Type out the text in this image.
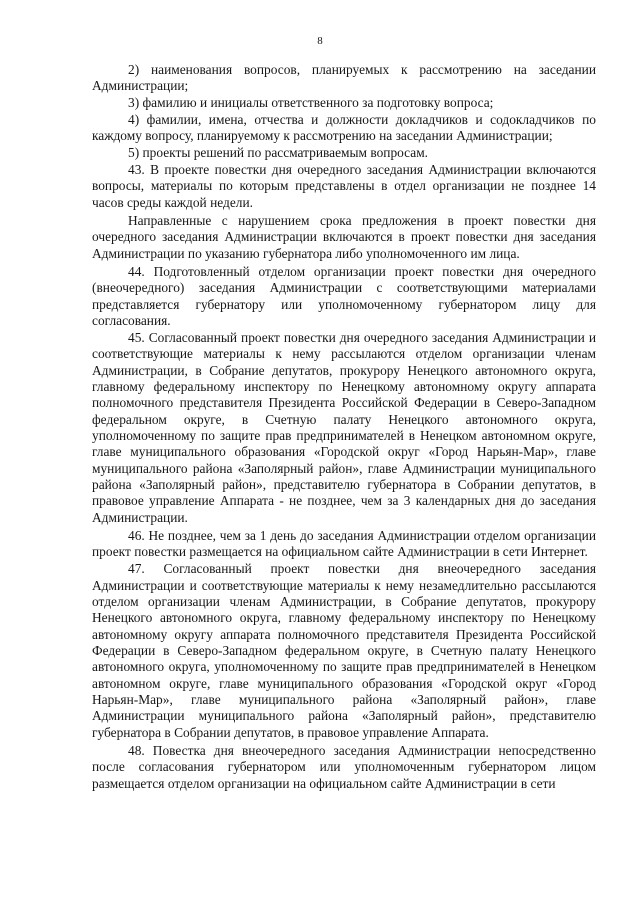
8

2) наименования вопросов, планируемых к рассмотрению на заседании Администрации;

3) фамилию и инициалы ответственного за подготовку вопроса;

4) фамилии, имена, отчества и должности докладчиков и содокладчиков по каждому вопросу, планируемому к рассмотрению на заседании Администрации;

5) проекты решений по рассматриваемым вопросам.

43. В проекте повестки дня очередного заседания Администрации включаются вопросы, материалы по которым представлены в отдел организации не позднее 14 часов среды каждой недели.

Направленные с нарушением срока предложения в проект повестки дня очередного заседания Администрации включаются в проект повестки дня заседания Администрации по указанию губернатора либо уполномоченного им лица.

44. Подготовленный отделом организации проект повестки дня очередного (внеочередного) заседания Администрации с соответствующими материалами представляется губернатору или уполномоченному губернатором лицу для согласования.

45. Согласованный проект повестки дня очередного заседания Администрации и соответствующие материалы к нему рассылаются отделом организации членам Администрации, в Собрание депутатов, прокурору Ненецкого автономного округа, главному федеральному инспектору по Ненецкому автономному округу аппарата полномочного представителя Президента Российской Федерации в Северо-Западном федеральном округе, в Счетную палату Ненецкого автономного округа, уполномоченному по защите прав предпринимателей в Ненецком автономном округе, главе муниципального образования «Городской округ «Город Нарьян-Мар», главе муниципального района «Заполярный район», главе Администрации муниципального района «Заполярный район», представителю губернатора в Собрании депутатов, в правовое управление Аппарата - не позднее, чем за 3 календарных дня до заседания Администрации.

46. Не позднее, чем за 1 день до заседания Администрации отделом организации проект повестки размещается на официальном сайте Администрации в сети Интернет.

47. Согласованный проект повестки дня внеочередного заседания Администрации и соответствующие материалы к нему незамедлительно рассылаются отделом организации членам Администрации, в Собрание депутатов, прокурору Ненецкого автономного округа, главному федеральному инспектору по Ненецкому автономному округу аппарата полномочного представителя Президента Российской Федерации в Северо-Западном федеральном округе, в Счетную палату Ненецкого автономного округа, уполномоченному по защите прав предпринимателей в Ненецком автономном округе, главе муниципального образования «Городской округ «Город Нарьян-Мар», главе муниципального района «Заполярный район», главе Администрации муниципального района «Заполярный район», представителю губернатора в Собрании депутатов, в правовое управление Аппарата.

48. Повестка дня внеочередного заседания Администрации непосредственно после согласования губернатором или уполномоченным губернатором лицом размещается отделом организации на официальном сайте Администрации в сети
